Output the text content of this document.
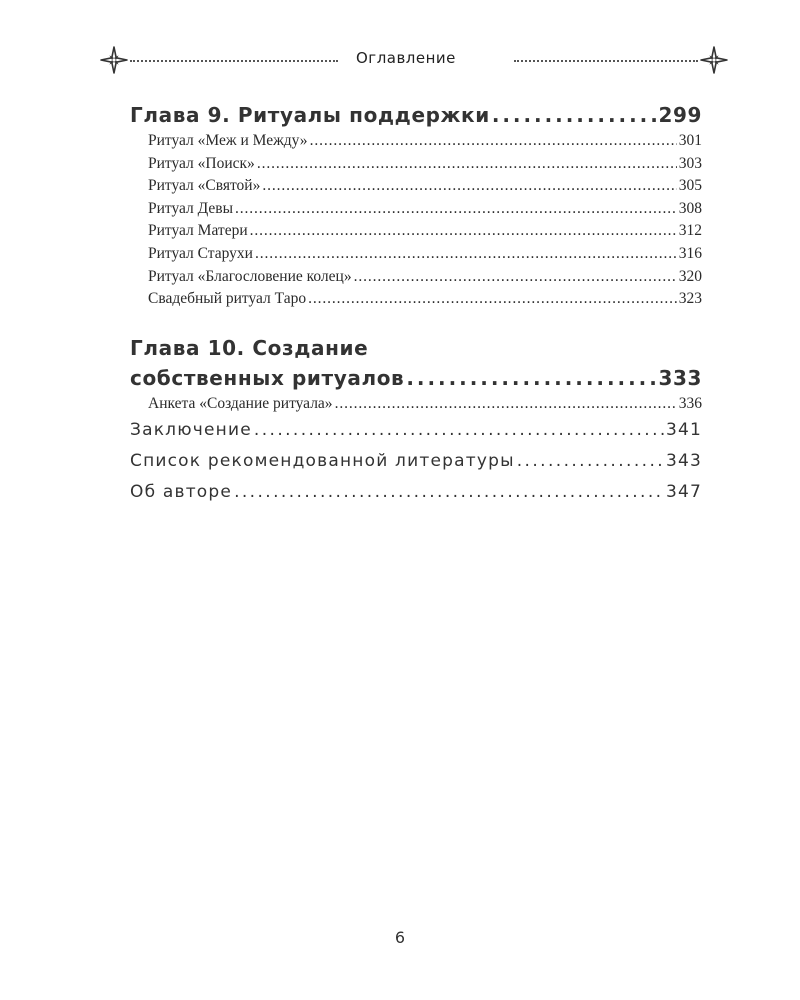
Оглавление
Глава 9. Ритуалы поддержки . . .	299
Ритуал «Меж и Между» . . .	301
Ритуал «Поиск» . . .	303
Ритуал «Святой» . . .	305
Ритуал Девы . . .	308
Ритуал Матери . . .	312
Ритуал Старухи . . .	316
Ритуал «Благословение колец» . . .	320
Свадебный ритуал Таро . . .	323
Глава 10. Создание
собственных ритуалов . . .	333
Анкета «Создание ритуала» . . .	336
Заключение . . .	341
Список рекомендованной литературы . . .	343
Об авторе . . .	347
6
